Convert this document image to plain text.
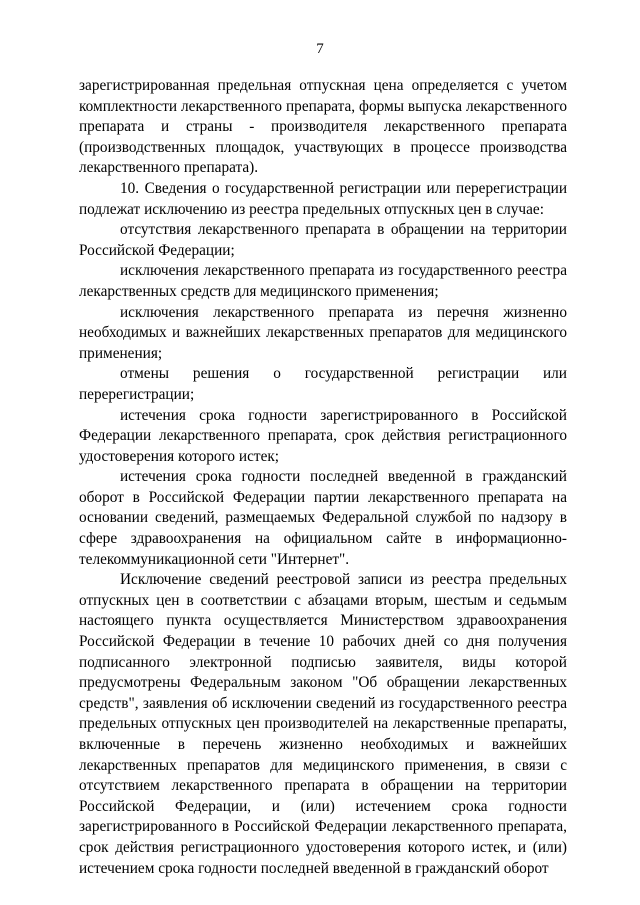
7

зарегистрированная предельная отпускная цена определяется с учетом комплектности лекарственного препарата, формы выпуска лекарственного препарата и страны - производителя лекарственного препарата (производственных площадок, участвующих в процессе производства лекарственного препарата).

10. Сведения о государственной регистрации или перерегистрации подлежат исключению из реестра предельных отпускных цен в случае:

отсутствия лекарственного препарата в обращении на территории Российской Федерации;

исключения лекарственного препарата из государственного реестра лекарственных средств для медицинского применения;

исключения лекарственного препарата из перечня жизненно необходимых и важнейших лекарственных препаратов для медицинского применения;

отмены решения о государственной регистрации или перерегистрации;

истечения срока годности зарегистрированного в Российской Федерации лекарственного препарата, срок действия регистрационного удостоверения которого истек;

истечения срока годности последней введенной в гражданский оборот в Российской Федерации партии лекарственного препарата на основании сведений, размещаемых Федеральной службой по надзору в сфере здравоохранения на официальном сайте в информационно-телекоммуникационной сети "Интернет".

Исключение сведений реестровой записи из реестра предельных отпускных цен в соответствии с абзацами вторым, шестым и седьмым настоящего пункта осуществляется Министерством здравоохранения Российской Федерации в течение 10 рабочих дней со дня получения подписанного электронной подписью заявителя, виды которой предусмотрены Федеральным законом "Об обращении лекарственных средств", заявления об исключении сведений из государственного реестра предельных отпускных цен производителей на лекарственные препараты, включенные в перечень жизненно необходимых и важнейших лекарственных препаратов для медицинского применения, в связи с отсутствием лекарственного препарата в обращении на территории Российской Федерации, и (или) истечением срока годности зарегистрированного в Российской Федерации лекарственного препарата, срок действия регистрационного удостоверения которого истек, и (или) истечением срока годности последней введенной в гражданский оборот
